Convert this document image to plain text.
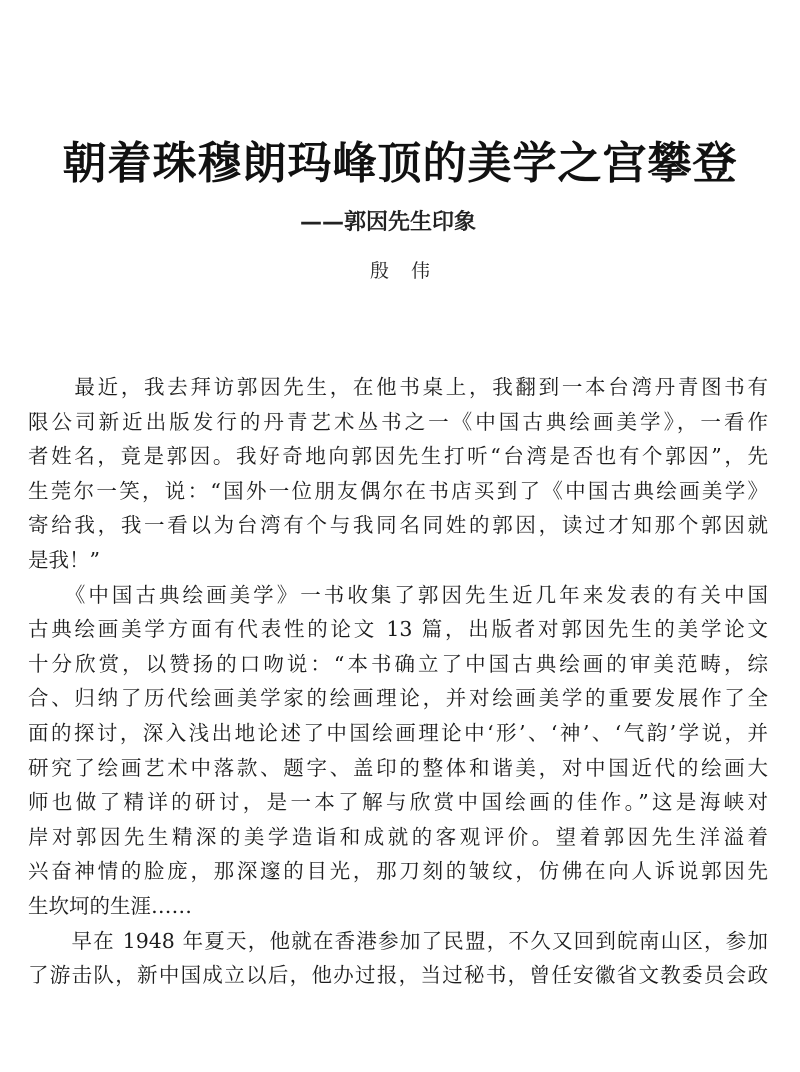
朝着珠穆朗玛峰顶的美学之宫攀登
——郭因先生印象
殷伟
　　最近，我去拜访郭因先生，在他书桌上，我翻到一本台湾丹青图书有
限公司新近出版发行的丹青艺术丛书之一《中国古典绘画美学》，一看作
者姓名，竟是郭因。我好奇地向郭因先生打听“台湾是否也有个郭因”，先
生莞尔一笑，说：“国外一位朋友偶尔在书店买到了《中国古典绘画美学》
寄给我，我一看以为台湾有个与我同名同姓的郭因，读过才知那个郭因就
是我！”
　　《中国古典绘画美学》一书收集了郭因先生近几年来发表的有关中国
古典绘画美学方面有代表性的论文 13 篇，出版者对郭因先生的美学论文
十分欣赏，以赞扬的口吻说：“本书确立了中国古典绘画的审美范畴，综
合、归纳了历代绘画美学家的绘画理论，并对绘画美学的重要发展作了全
面的探讨，深入浅出地论述了中国绘画理论中‘形’、‘神’、‘气韵’学说，并
研究了绘画艺术中落款、题字、盖印的整体和谐美，对中国近代的绘画大
师也做了精详的研讨，是一本了解与欣赏中国绘画的佳作。”这是海峡对
岸对郭因先生精深的美学造诣和成就的客观评价。望着郭因先生洋溢着
兴奋神情的脸庞，那深邃的目光，那刀刻的皱纹，仿佛在向人诉说郭因先
生坎坷的生涯……
　　早在 1948 年夏天，他就在香港参加了民盟，不久又回到皖南山区，参加
了游击队，新中国成立以后，他办过报，当过秘书，曾任安徽省文教委员会政
